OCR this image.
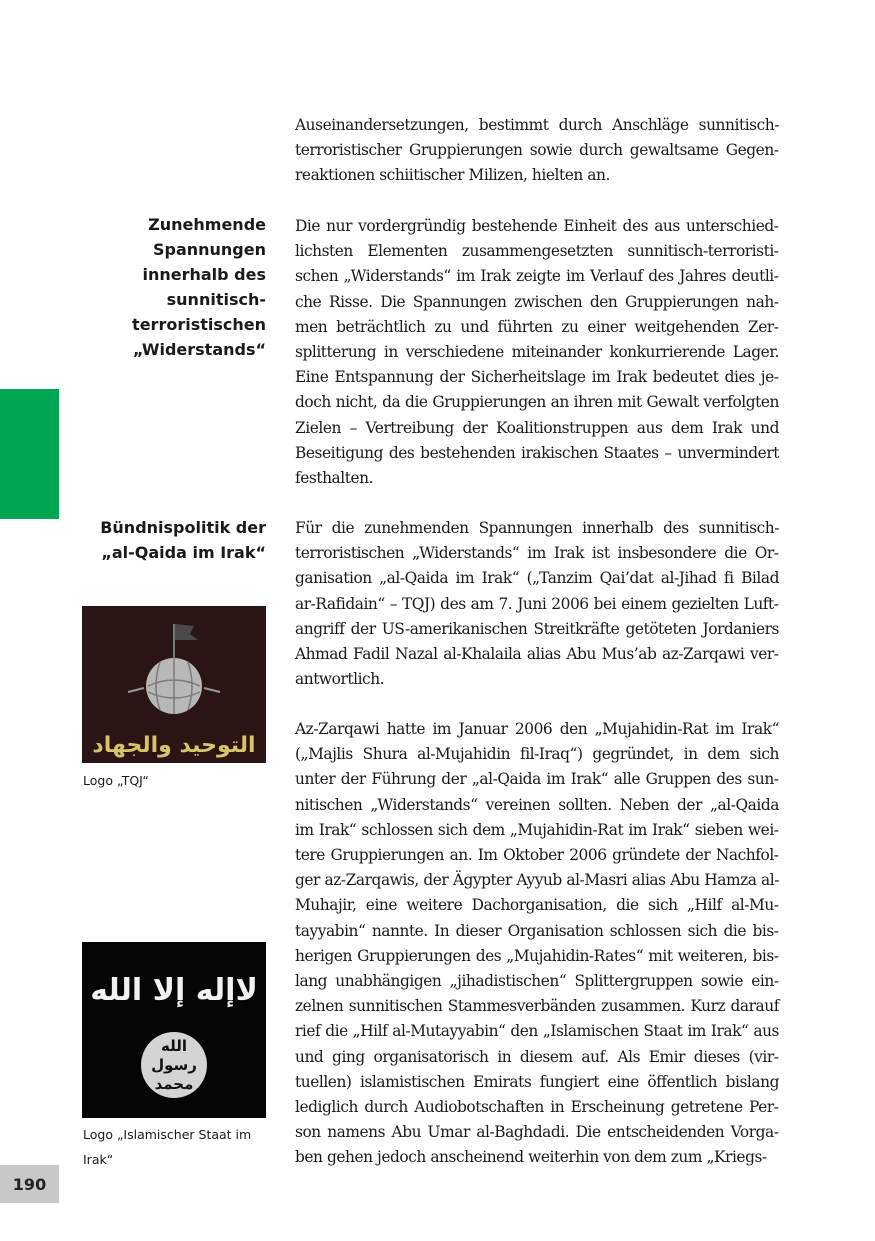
Zunehmende Spannungen innerhalb des sunnitisch-terroristischen „Widerstands“
Bündnispolitik der „al-Qaida im Irak“
التوحيد والجهاد
Logo „TQJ“
لاإله إلا الله
الله
رسول
محمد
Logo „Islamischer Staat im Irak“

Auseinandersetzungen, bestimmt durch Anschläge sunnitisch-terroristischer Gruppierungen sowie durch gewaltsame Gegenreaktionen schiitischer Milizen, hielten an.

Die nur vordergründig bestehende Einheit des aus unterschiedlichsten Elementen zusammengesetzten sunnitisch-terroristischen „Widerstands“ im Irak zeigte im Verlauf des Jahres deutliche Risse. Die Spannungen zwischen den Gruppierungen nahmen beträchtlich zu und führten zu einer weitgehenden Zersplitterung in verschiedene miteinander konkurrierende Lager. Eine Entspannung der Sicherheitslage im Irak bedeutet dies jedoch nicht, da die Gruppierungen an ihren mit Gewalt verfolgten Zielen – Vertreibung der Koalitionstruppen aus dem Irak und Beseitigung des bestehenden irakischen Staates – unvermindert festhalten.

Für die zunehmenden Spannungen innerhalb des sunnitisch-terroristischen „Widerstands“ im Irak ist insbesondere die Organisation „al-Qaida im Irak“ („Tanzim Qai’dat al-Jihad fi Bilad ar-Rafidain“ – TQJ) des am 7. Juni 2006 bei einem gezielten Luftangriff der US-amerikanischen Streitkräfte getöteten Jordaniers Ahmad Fadil Nazal al-Khalaila alias Abu Mus’ab az-Zarqawi verantwortlich.

Az-Zarqawi hatte im Januar 2006 den „Mujahidin-Rat im Irak“ („Majlis Shura al-Mujahidin fil-Iraq“) gegründet, in dem sich unter der Führung der „al-Qaida im Irak“ alle Gruppen des sunnitischen „Widerstands“ vereinen sollten. Neben der „al-Qaida im Irak“ schlossen sich dem „Mujahidin-Rat im Irak“ sieben weitere Gruppierungen an. Im Oktober 2006 gründete der Nachfolger az-Zarqawis, der Ägypter Ayyub al-Masri alias Abu Hamza al-Muhajir, eine weitere Dachorganisation, die sich „Hilf al-Mutayyabin“ nannte. In dieser Organisation schlossen sich die bisherigen Gruppierungen des „Mujahidin-Rates“ mit weiteren, bislang unabhängigen „jihadistischen“ Splittergruppen sowie einzelnen sunnitischen Stammesverbänden zusammen. Kurz darauf rief die „Hilf al-Mutayyabin“ den „Islamischen Staat im Irak“ aus und ging organisatorisch in diesem auf. Als Emir dieses (virtuellen) islamistischen Emirats fungiert eine öffentlich bislang lediglich durch Audiobotschaften in Erscheinung getretene Person namens Abu Umar al-Baghdadi. Die entscheidenden Vorgaben gehen jedoch anscheinend weiterhin von dem zum „Kriegs-

190
